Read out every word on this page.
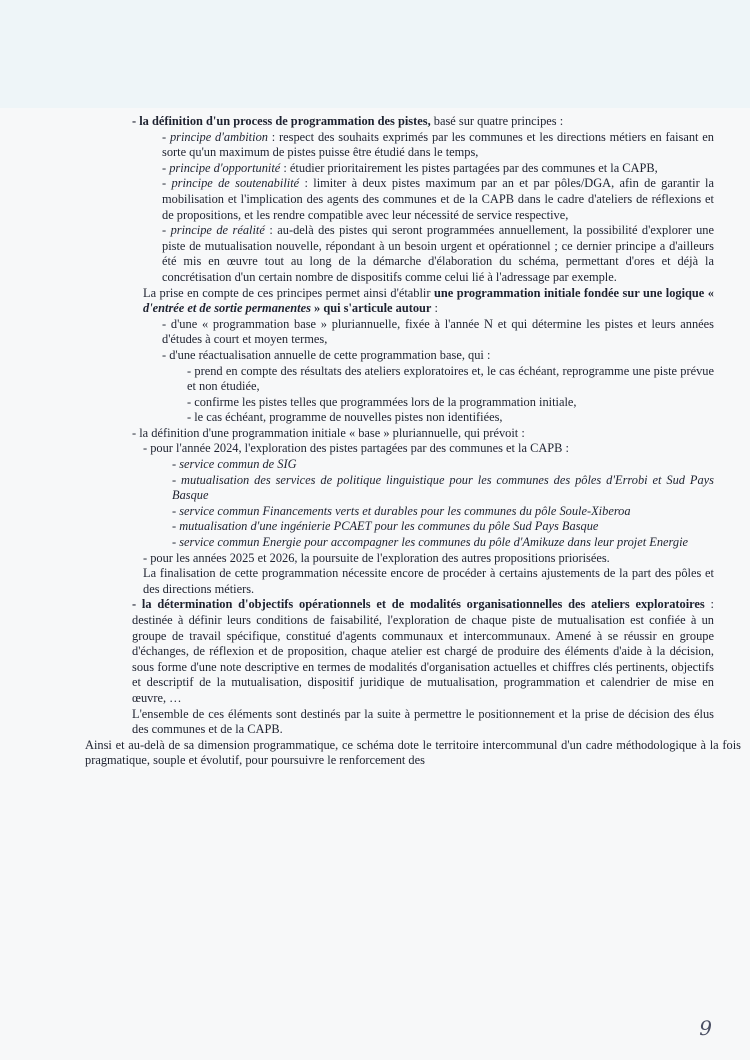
- la définition d'un process de programmation des pistes, basé sur quatre principes :

- principe d'ambition : respect des souhaits exprimés par les communes et les directions métiers en faisant en sorte qu'un maximum de pistes puisse être étudié dans le temps,

- principe d'opportunité : étudier prioritairement les pistes partagées par des communes et la CAPB,

- principe de soutenabilité : limiter à deux pistes maximum par an et par pôles/DGA, afin de garantir la mobilisation et l'implication des agents des communes et de la CAPB dans le cadre d'ateliers de réflexions et de propositions, et les rendre compatible avec leur nécessité de service respective,

- principe de réalité : au-delà des pistes qui seront programmées annuellement, la possibilité d'explorer une piste de mutualisation nouvelle, répondant à un besoin urgent et opérationnel ; ce dernier principe a d'ailleurs été mis en œuvre tout au long de la démarche d'élaboration du schéma, permettant d'ores et déjà la concrétisation d'un certain nombre de dispositifs comme celui lié à l'adressage par exemple.

La prise en compte de ces principes permet ainsi d'établir une programmation initiale fondée sur une logique « d'entrée et de sortie permanentes » qui s'articule autour :

- d'une « programmation base » pluriannuelle, fixée à l'année N et qui détermine les pistes et leurs années d'études à court et moyen termes,

- d'une réactualisation annuelle de cette programmation base, qui :

- prend en compte des résultats des ateliers exploratoires et, le cas échéant, reprogramme une piste prévue et non étudiée,

- confirme les pistes telles que programmées lors de la programmation initiale,

- le cas échéant, programme de nouvelles pistes non identifiées,

- la définition d'une programmation initiale « base » pluriannuelle, qui prévoit :

- pour l'année 2024, l'exploration des pistes partagées par des communes et la CAPB :

- service commun de SIG

- mutualisation des services de politique linguistique pour les communes des pôles d'Errobi et Sud Pays Basque

- service commun Financements verts et durables pour les communes du pôle Soule-Xiberoa

- mutualisation d'une ingénierie PCAET pour les communes du pôle Sud Pays Basque

- service commun Energie pour accompagner les communes du pôle d'Amikuze dans leur projet Energie

- pour les années 2025 et 2026, la poursuite de l'exploration des autres propositions priorisées.

La finalisation de cette programmation nécessite encore de procéder à certains ajustements de la part des pôles et des directions métiers.

- la détermination d'objectifs opérationnels et de modalités organisationnelles des ateliers exploratoires : destinée à définir leurs conditions de faisabilité, l'exploration de chaque piste de mutualisation est confiée à un groupe de travail spécifique, constitué d'agents communaux et intercommunaux. Amené à se réussir en groupe d'échanges, de réflexion et de proposition, chaque atelier est chargé de produire des éléments d'aide à la décision, sous forme d'une note descriptive en termes de modalités d'organisation actuelles et chiffres clés pertinents, objectifs et descriptif de la mutualisation, dispositif juridique de mutualisation, programmation et calendrier de mise en œuvre, …

L'ensemble de ces éléments sont destinés par la suite à permettre le positionnement et la prise de décision des élus des communes et de la CAPB.

Ainsi et au-delà de sa dimension programmatique, ce schéma dote le territoire intercommunal d'un cadre méthodologique à la fois pragmatique, souple et évolutif, pour poursuivre le renforcement des

9
